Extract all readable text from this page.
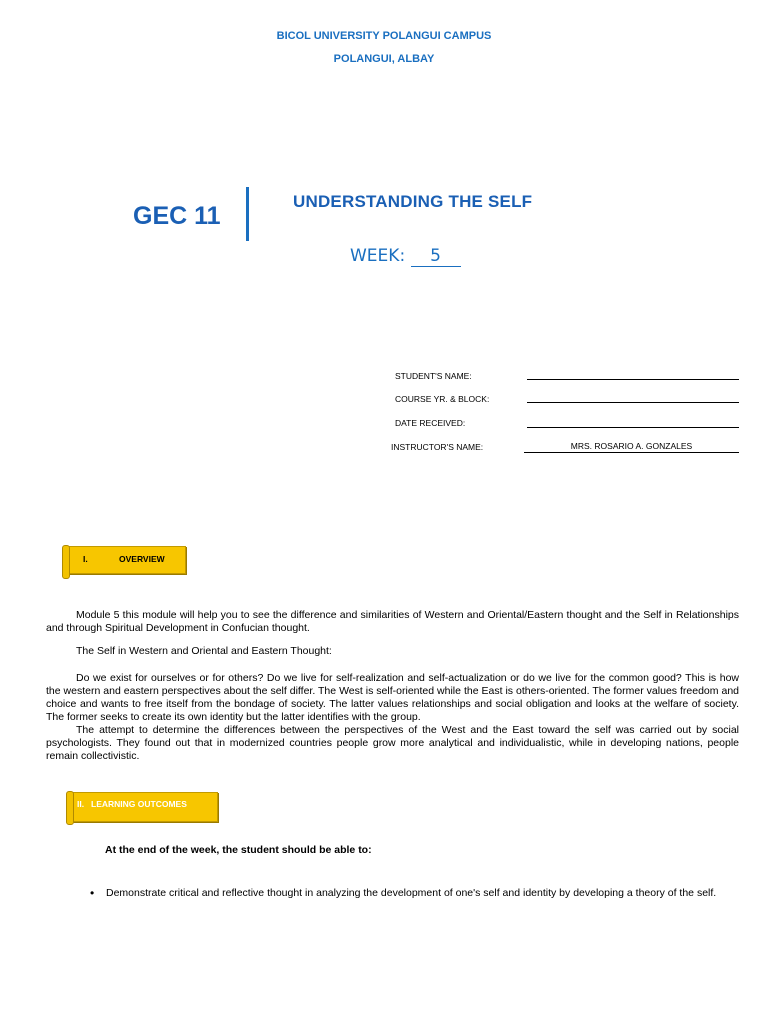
BICOL UNIVERSITY POLANGUI CAMPUS
POLANGUI, ALBAY
GEC 11
UNDERSTANDING THE SELF
WEEK: 5
STUDENT'S NAME:
COURSE YR. & BLOCK:
DATE RECEIVED:
INSTRUCTOR'S NAME:	MRS. ROSARIO A. GONZALES
I.	OVERVIEW
Module 5 this module will help you to see the difference and similarities of Western and Oriental/Eastern thought and the Self in Relationships and through Spiritual Development in Confucian thought.
The Self in Western and Oriental and Eastern Thought:
Do we exist for ourselves or for others? Do we live for self-realization and self-actualization or do we live for the common good? This is how the western and eastern perspectives about the self differ. The West is self-oriented while the East is others-oriented. The former values freedom and choice and wants to free itself from the bondage of society. The latter values relationships and social obligation and looks at the welfare of society. The former seeks to create its own identity but the latter identifies with the group.
The attempt to determine the differences between the perspectives of the West and the East toward the self was carried out by social psychologists. They found out that in modernized countries people grow more analytical and individualistic, while in developing nations, people remain collectivistic.
II. LEARNING OUTCOMES
At the end of the week, the student should be able to:
• Demonstrate critical and reflective thought in analyzing the development of one's self and identity by developing a theory of the self.
